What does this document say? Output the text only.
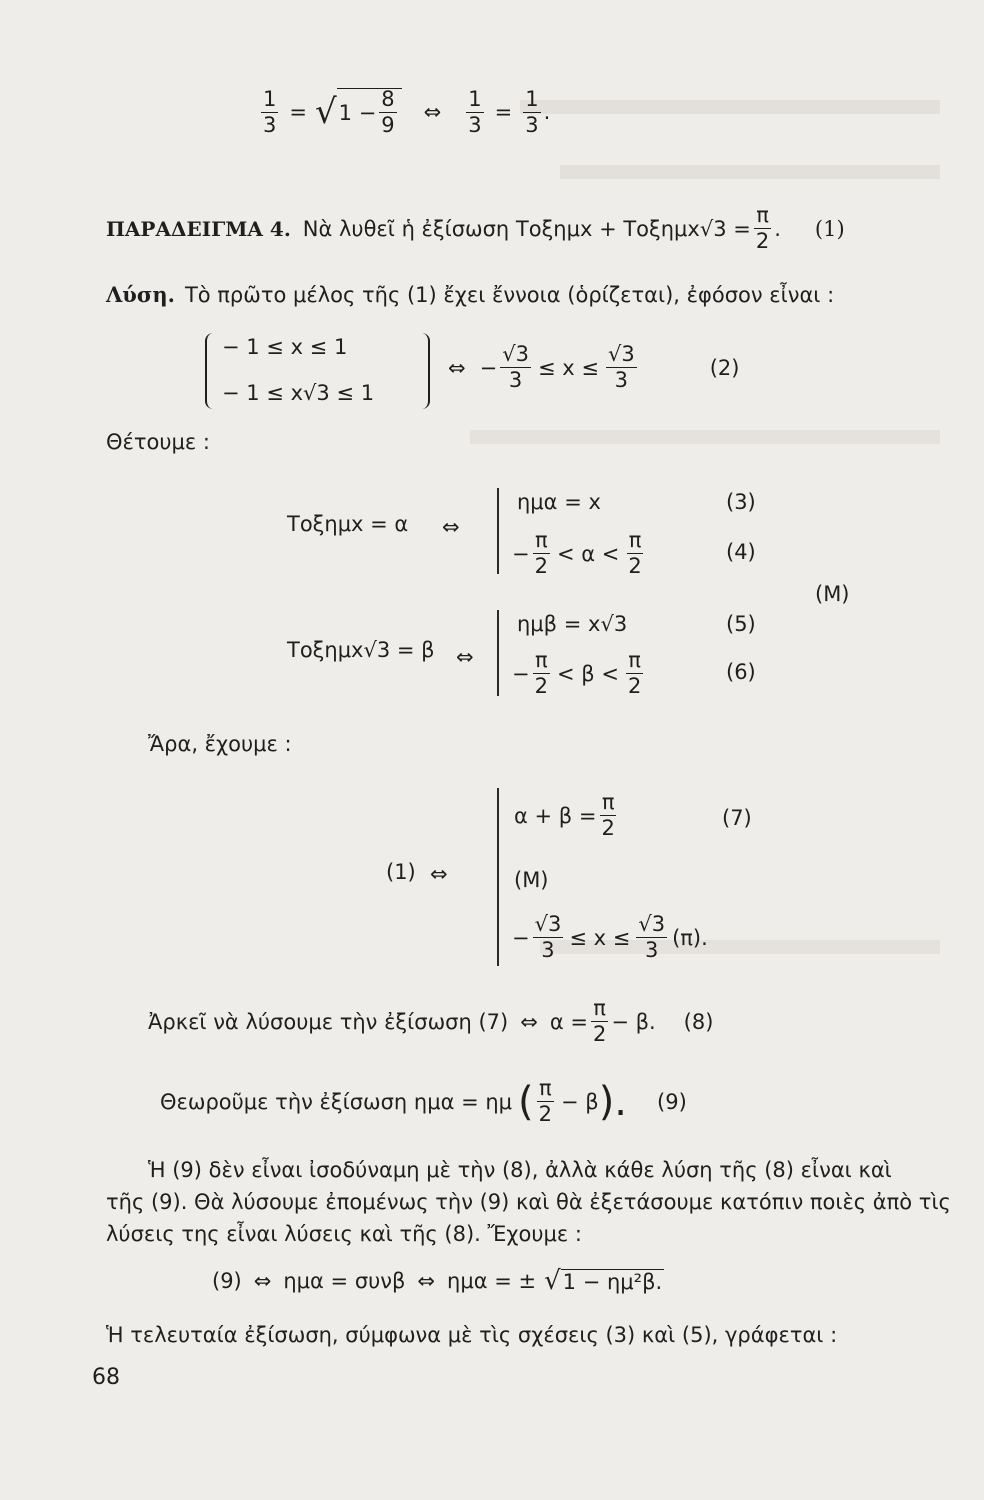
$\frac{1}{3}$ = √ $1 - \frac{8}{9}$ ⇔ $\frac{1}{3} = \frac{1}{3}$ .
ΠΑΡΑΔΕΙΓΜΑ 4. Νὰ λυθεῖ ἡ ἐξίσωση $To\xi\eta\mu x + To\xi\eta\mu x√3 = \frac{\pi}{2}$ . (1)
Λύση. Τὸ πρῶτο μέλος τῆς (1) ἔχει ἔννοια (ὁρίζεται), ἐφόσον εἶναι :
− 1 ≤ x ≤ 1
− 1 ≤ x√3 ≤ 1
⇔ − $\frac{√3}{3} \le x \le \frac{√3}{3}$	(2)
Θέτουμε :
Τοξημx = α ⇔
ημα = x	(3)
− $\frac{\pi}{2} < \alpha < \frac{\pi}{2}$	(4)
(Μ)
Τοξημx√3 = β ⇔
ημβ = x√3	(5)
− $\frac{\pi}{2} < \beta < \frac{\pi}{2}$	(6)
Ἄρα, ἔχουμε :
(1) ⇔
$\alpha + \beta = \frac{\pi}{2}$	(7)
(Μ)
− $\frac{√3}{3} \le x \le \frac{√3}{3} (\pi)$.
Ἀρκεῖ νὰ λύσουμε τὴν ἐξίσωση (7) ⇔ $\alpha = \frac{\pi}{2} - \beta$. (8)
Θεωροῦμε τὴν ἐξίσωση ημα = ημ ( $\frac{\pi}{2} - \beta$ ). (9)
Ἡ (9) δὲν εἶναι ἰσοδύναμη μὲ τὴν (8), ἀλλὰ κάθε λύση τῆς (8) εἶναι καὶ
τῆς (9). Θὰ λύσουμε ἐπομένως τὴν (9) καὶ θὰ ἐξετάσουμε κατόπιν ποιὲς ἀπὸ τὶς
λύσεις της εἶναι λύσεις καὶ τῆς (8). Ἔχουμε :
(9) ⇔ ημα = συνβ ⇔ ημα = ± √ 1 − ημ²β.
Ἡ τελευταία ἐξίσωση, σύμφωνα μὲ τὶς σχέσεις (3) καὶ (5), γράφεται :
68
